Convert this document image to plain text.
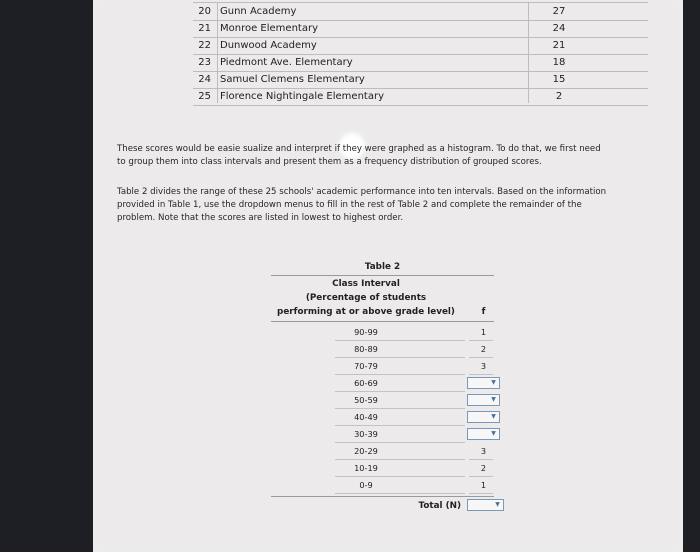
20 Gunn Academy	27
21 Monroe Elementary	24
22 Dunwood Academy	21
23 Piedmont Ave. Elementary	18
24 Samuel Clemens Elementary	15
25 Florence Nightingale Elementary	2
These scores would be easie sualize and interpret if they were graphed as a histogram. To do that, we first need
to group them into class intervals and present them as a frequency distribution of grouped scores.
Table 2 divides the range of these 25 schools' academic performance into ten intervals. Based on the information
provided in Table 1, use the dropdown menus to fill in the rest of Table 2 and complete the remainder of the
problem. Note that the scores are listed in lowest to highest order.
Table 2
Class Interval
(Percentage of students
performing at or above grade level)	f
90-99	1
80-89	2
70-79	3
60-69	▼
50-59	▼
40-49	▼
30-39	▼
20-29	3
10-19	2
0-9	1
Total (N)	▼
